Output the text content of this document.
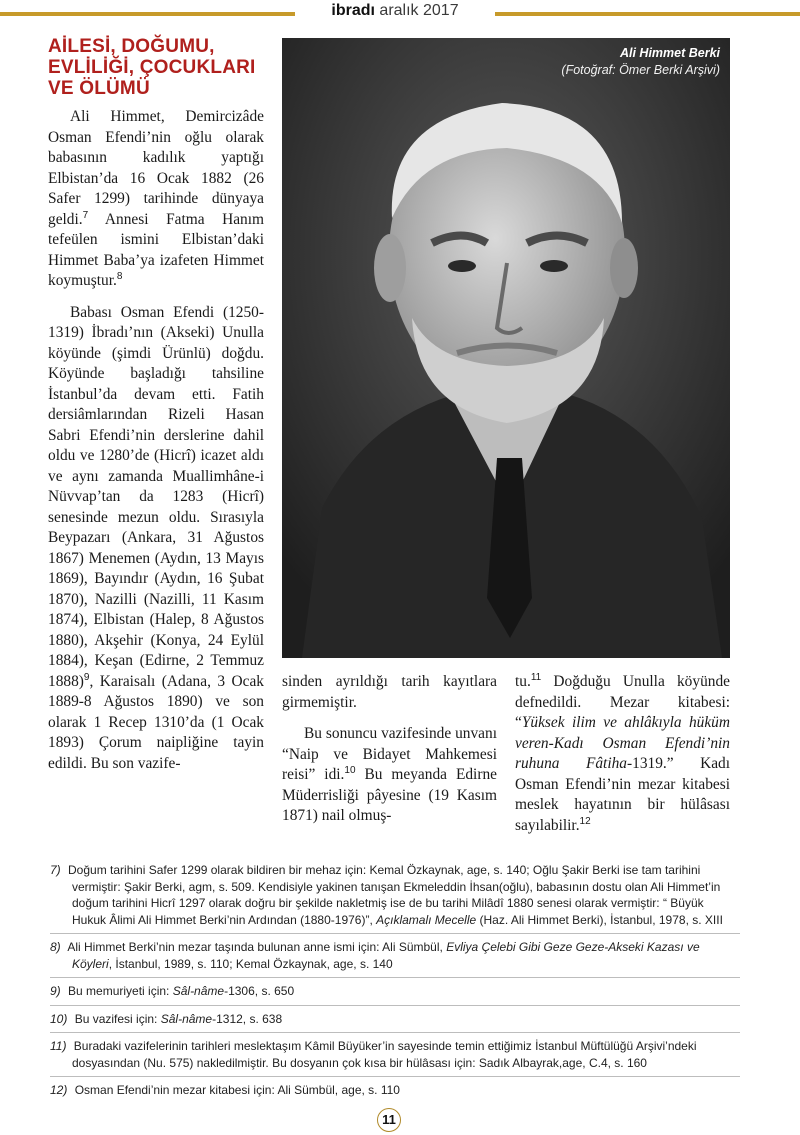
ibradı aralık 2017
AİLESİ, DOĞUMU,
EVLİLİĞİ, ÇOCUKLARI
VE ÖLÜMÜ

Ali Himmet, Demircizâde Osman Efendi’nin oğlu olarak babasının kadılık yaptığı Elbistan’da 16 Ocak 1882 (26 Safer 1299) tarihinde dünyaya geldi.$^7$ Annesi Fatma Hanım tefeülen ismini Elbistan’daki Himmet Baba’ya izafeten Himmet koymuştur.$^8$

Babası Osman Efendi (1250-1319) İbradı’nın (Akseki) Unulla köyünde (şimdi Ürünlü) doğdu. Köyünde başladığı tahsiline İstanbul’da devam etti. Fatih dersiâmlarından Rizeli Hasan Sabri Efendi’nin derslerine dahil oldu ve 1280’de (Hicrî) icazet aldı ve aynı zamanda Muallimhâne-i Nüvvap’tan da 1283 (Hicrî) senesinde mezun oldu. Sırasıyla Beypazarı (Ankara, 31 Ağustos 1867) Menemen (Aydın, 13 Mayıs 1869), Bayındır (Aydın, 16 Şubat 1870), Nazilli (Nazilli, 11 Kasım 1874), Elbistan (Halep, 8 Ağustos 1880), Akşehir (Konya, 24 Eylül 1884), Keşan (Edirne, 2 Temmuz 1888)$^9$, Karaisalı (Adana, 3 Ocak 1889-8 Ağustos 1890) ve son olarak 1 Recep 1310’da (1 Ocak 1893) Çorum naipliğine tayin edildi. Bu son vazife-

Ali Himmet Berki
(Fotoğraf: Ömer Berki Arşivi)

sinden ayrıldığı tarih kayıtlara girmemiştir.

Bu sonuncu vazifesinde unvanı “Naip ve Bidayet Mahkemesi reisi” idi.$^{10}$ Bu meyanda Edirne Müderrisliği pâyesine (19 Kasım 1871) nail olmuş-

tu.$^{11}$ Doğduğu Unulla köyünde defnedildi. Mezar kitabesi: “Yüksek ilim ve ahlâkıyla hüküm veren-Kadı Osman Efendi’nin ruhuna Fâtiha-1319.” Kadı Osman Efendi’nin mezar kitabesi meslek hayatının bir hülâsası sayılabilir.$^{12}$

7) Doğum tarihini Safer 1299 olarak bildiren bir mehaz için: Kemal Özkaynak, age, s. 140; Oğlu Şakir Berki ise tam tarihini vermiştir: Şakir Berki, agm, s. 509. Kendisiyle yakinen tanışan Ekmeleddin İhsan(oğlu), babasının dostu olan Ali Himmet’in doğum tarihini Hicrî 1297 olarak doğru bir şekilde nakletmiş ise de bu tarihi Milâdî 1880 senesi olarak vermiştir: “ Büyük Hukuk Âlimi Ali Himmet Berki’nin Ardından (1880-1976)”, Açıklamalı Mecelle (Haz. Ali Himmet Berki), İstanbul, 1978, s. XIII
8) Ali Himmet Berki’nin mezar taşında bulunan anne ismi için: Ali Sümbül, Evliya Çelebi Gibi Geze Geze-Akseki Kazası ve Köyleri, İstanbul, 1989, s. 110; Kemal Özkaynak, age, s. 140
9) Bu memuriyeti için: Sâl-nâme-1306, s. 650
10) Bu vazifesi için: Sâl-nâme-1312, s. 638
11) Buradaki vazifelerinin tarihleri meslektaşım Kâmil Büyüker’in sayesinde temin ettiğimiz İstanbul Müftülüğü Arşivi’ndeki dosyasından (Nu. 575) nakledilmiştir. Bu dosyanın çok kısa bir hülâsası için: Sadık Albayrak,age, C.4, s. 160
12) Osman Efendi’nin mezar kitabesi için: Ali Sümbül, age, s. 110
11
